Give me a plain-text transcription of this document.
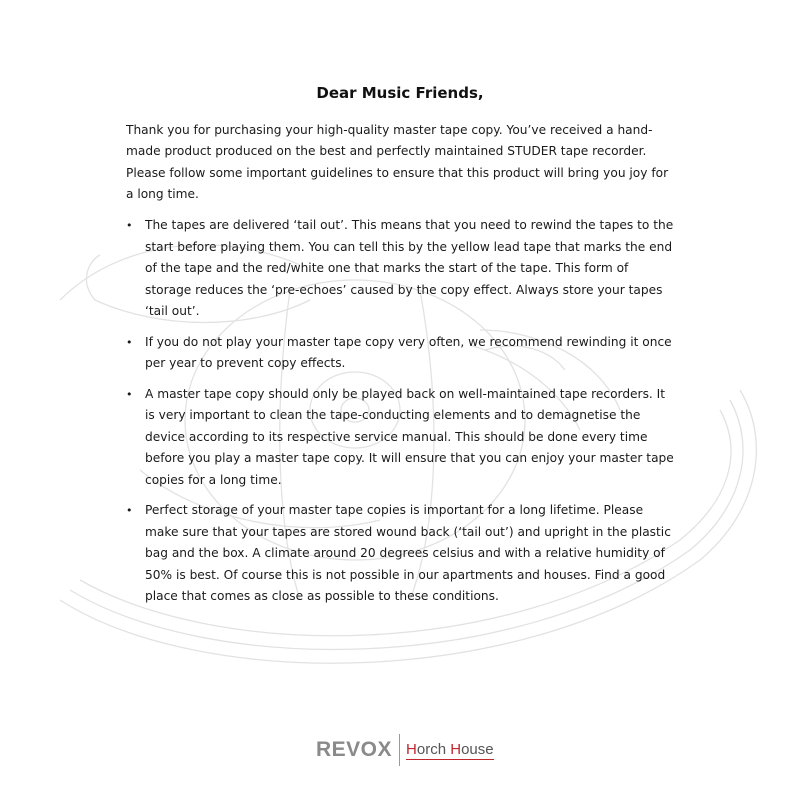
Dear Music Friends,

Thank you for purchasing your high-quality master tape copy. You’ve received a hand-made product produced on the best and perfectly maintained STUDER tape recorder.

Please follow some important guidelines to ensure that this product will bring you joy for a long time.

• The tapes are delivered ‘tail out’. This means that you need to rewind the tapes to the start before playing them. You can tell this by the yellow lead tape that marks the end of the tape and the red/white one that marks the start of the tape. This form of storage reduces the ‘pre-echoes’ caused by the copy effect. Always store your tapes ‘tail out’.
• If you do not play your master tape copy very often, we recommend rewinding it once per year to prevent copy effects.
• A master tape copy should only be played back on well-maintained tape recorders. It is very important to clean the tape-conducting elements and to demagnetise the device according to its respective service manual. This should be done every time before you play a master tape copy. It will ensure that you can enjoy your master tape copies for a long time.
• Perfect storage of your master tape copies is important for a long lifetime. Please make sure that your tapes are stored wound back (‘tail out’) and upright in the plastic bag and the box. A climate around 20 degrees celsius and with a relative humidity of 50% is best. Of course this is not possible in our apartments and houses. Find a good place that comes as close as possible to these conditions.
REVOX Horch House
